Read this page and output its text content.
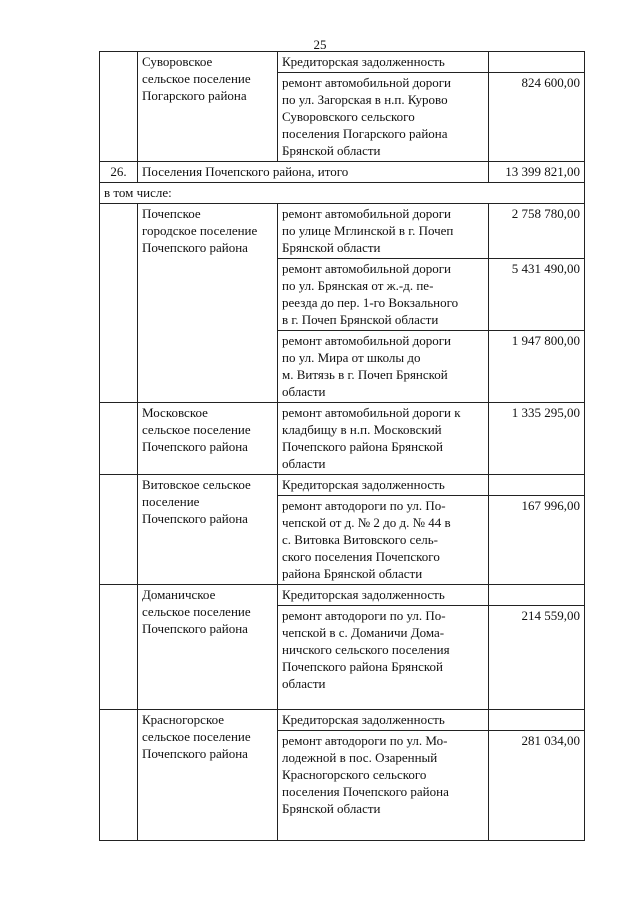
25

	Суворовское
сельское поселение
Погарского района	Кредиторская задолженность	

		ремонт автомобильной дороги
по ул. Загорская в н.п. Курово
Суворовского сельского
поселения Погарского района
Брянской области	824 600,00
26.	Поселения Почепского района, итого		13 399 821,00
в том числе:			

	Почепское
городское поселение
Почепского района	ремонт автомобильной дороги
по улице Мглинской в г. Почеп
Брянской области	2 758 780,00

		ремонт автомобильной дороги
по ул. Брянская от ж.-д. пе-
реезда до пер. 1-го Вокзального
в г. Почеп Брянской области	5 431 490,00

		ремонт автомобильной дороги
по ул. Мира от школы до
м. Витязь в г. Почеп Брянской
области	1 947 800,00

	Московское
сельское поселение
Почепского района	ремонт автомобильной дороги к
кладбищу в н.п. Московский
Почепского района Брянской
области	1 335 295,00

	Витовское сельское
поселение
Почепского района	Кредиторская задолженность	

		ремонт автодороги по ул. По-
чепской от д. № 2 до д. № 44 в
с. Витовка Витовского сель-
ского поселения Почепского
района Брянской области	167 996,00

	Доманичское
сельское поселение
Почепского района	Кредиторская задолженность	

		ремонт автодороги по ул. По-
чепской в с. Доманичи Дома-
ничского сельского поселения
Почепского района Брянской
области	214 559,00

	Красногорское
сельское поселение
Почепского района	Кредиторская задолженность	

		ремонт автодороги по ул. Мо-
лодежной в пос. Озаренный
Красногорского сельского
поселения Почепского района
Брянской области	281 034,00
